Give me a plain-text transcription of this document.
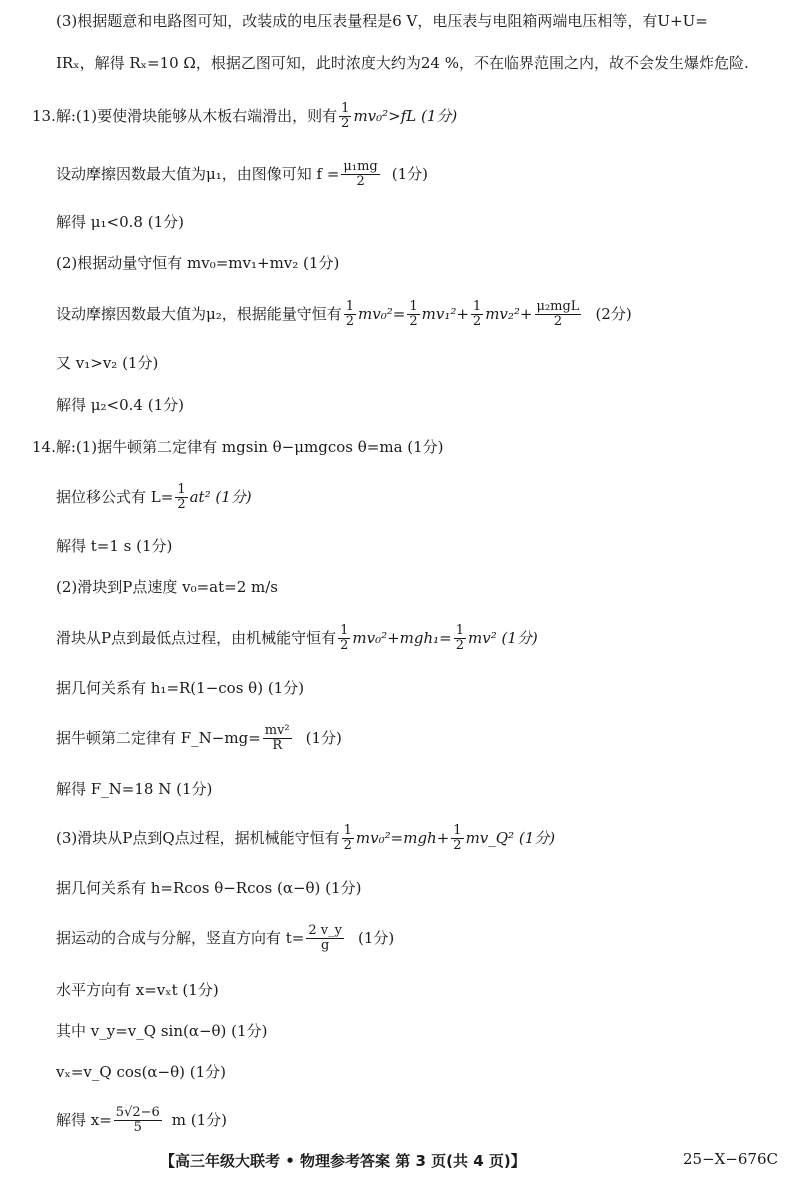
(3)根据题意和电路图可知，改装成的电压表量程是6 V，电压表与电阻箱两端电压相等，有U+U=
IRₓ，解得 Rₓ=10 Ω，根据乙图可知，此时浓度大约为24 %，不在临界范围之内，故不会发生爆炸危险.
13.解:(1)要使滑块能够从木板右端滑出，则有 $\frac{1}{2} mv_0^2>fL$ (1分)
设动摩擦因数最大值为μ₁，由图像可知 $f = \frac{\text{μ₁mg}}{2} (1$分)
解得 μ₁<0.8 (1分)
(2)根据动量守恒有 mv₀=mv₁+mv₂ (1分)
设动摩擦因数最大值为μ₂，根据能量守恒有 $\frac{1}{2} mv_0^2= \frac{1}{2} mv_1^2+ \frac{1}{2} mv_2^2+ \frac{\text{μ₂mgL}}{2} (2$分)
又 v₁>v₂ (1分)
解得 μ₂<0.4 (1分)
14.解:(1)据牛顿第二定律有 mgsin θ−μmgcos θ=ma (1分)
据位移公式有 $L= \frac{1}{2} at^2$ (1分)
解得 t=1 s (1分)
(2)滑块到P点速度 v₀=at=2 m/s
滑块从P点到最低点过程，由机械能守恒有 $\frac{1}{2} mv_0^2+mgh_1= \frac{1}{2} mv^2$ (1分)
据几何关系有 h₁=R(1−cos θ) (1分)
据牛顿第二定律有 F_N−mg= $\frac{\text{mv²}}{R} (1$分)
解得 F_N=18 N (1分)
(3)滑块从P点到Q点过程，据机械能守恒有 $\frac{1}{2} mv_0^2=mgh+ \frac{1}{2}$ mv_Q² (1分)
据几何关系有 h=Rcos θ−Rcos (α−θ) (1分)
据运动的合成与分解，竖直方向有 $t= \frac{2 v\_y}{g} (1$分)
水平方向有 x=vₓt (1分)
其中 v_y=v_Q sin(α−θ) (1分)
vₓ=v_Q cos(α−θ) (1分)
解得 $x= \frac{5√2-6}{5}$ m (1分)
【高三年级大联考 • 物理参考答案 第 3 页(共 4 页)】	25−X−676C
